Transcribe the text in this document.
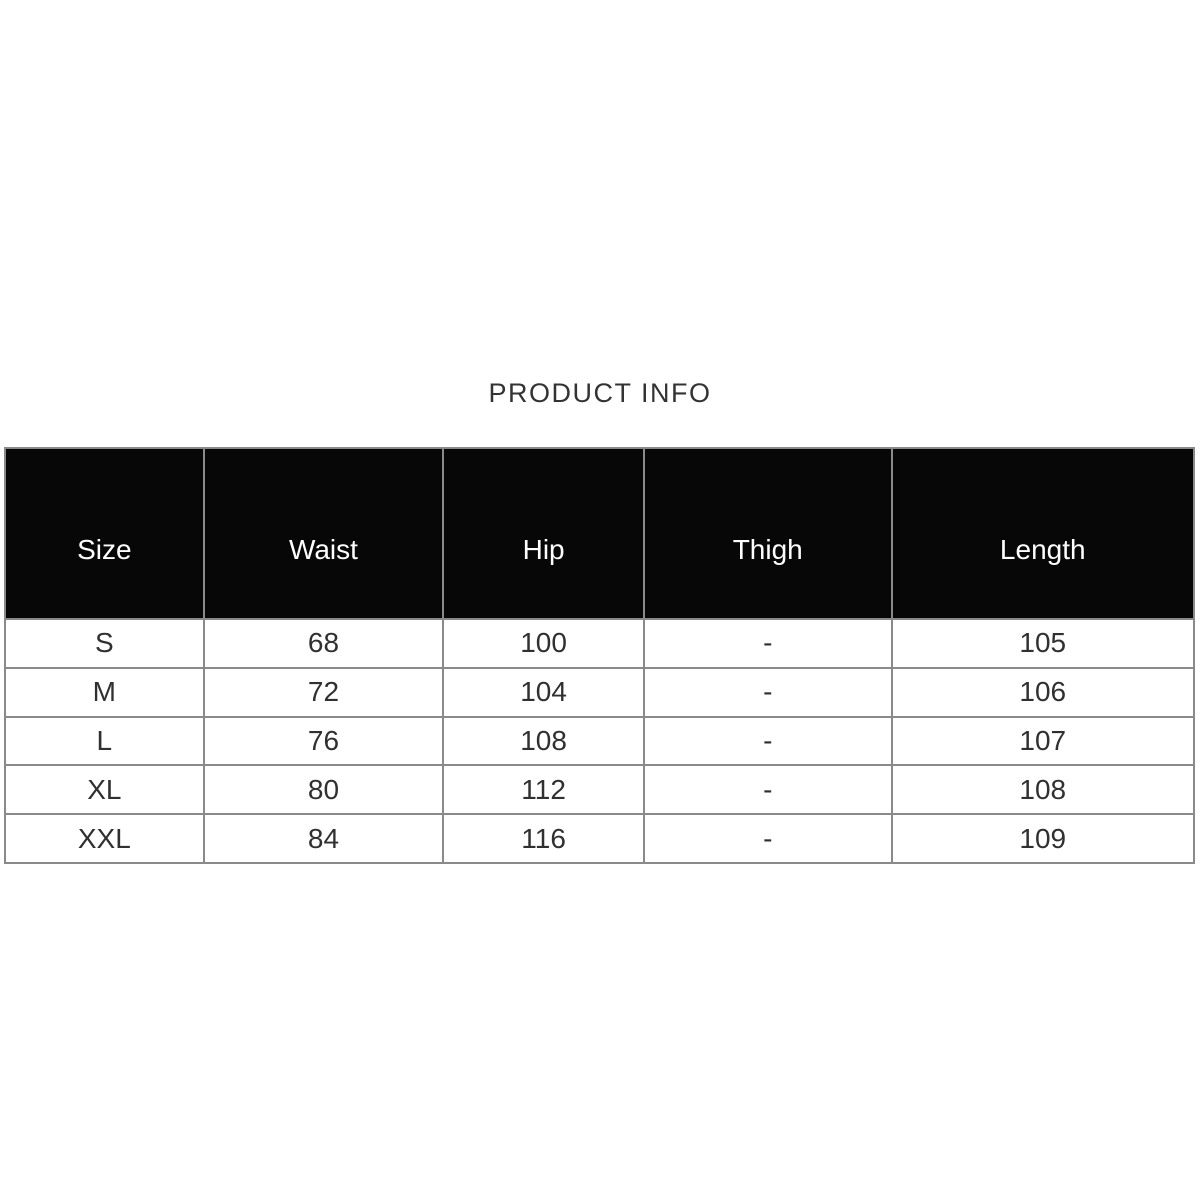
PRODUCT INFO
Size	Waist	Hip	Thigh	Length
S	68	100	-	105
M	72	104	-	106
L	76	108	-	107
XL	80	112	-	108
XXL	84	116	-	109
